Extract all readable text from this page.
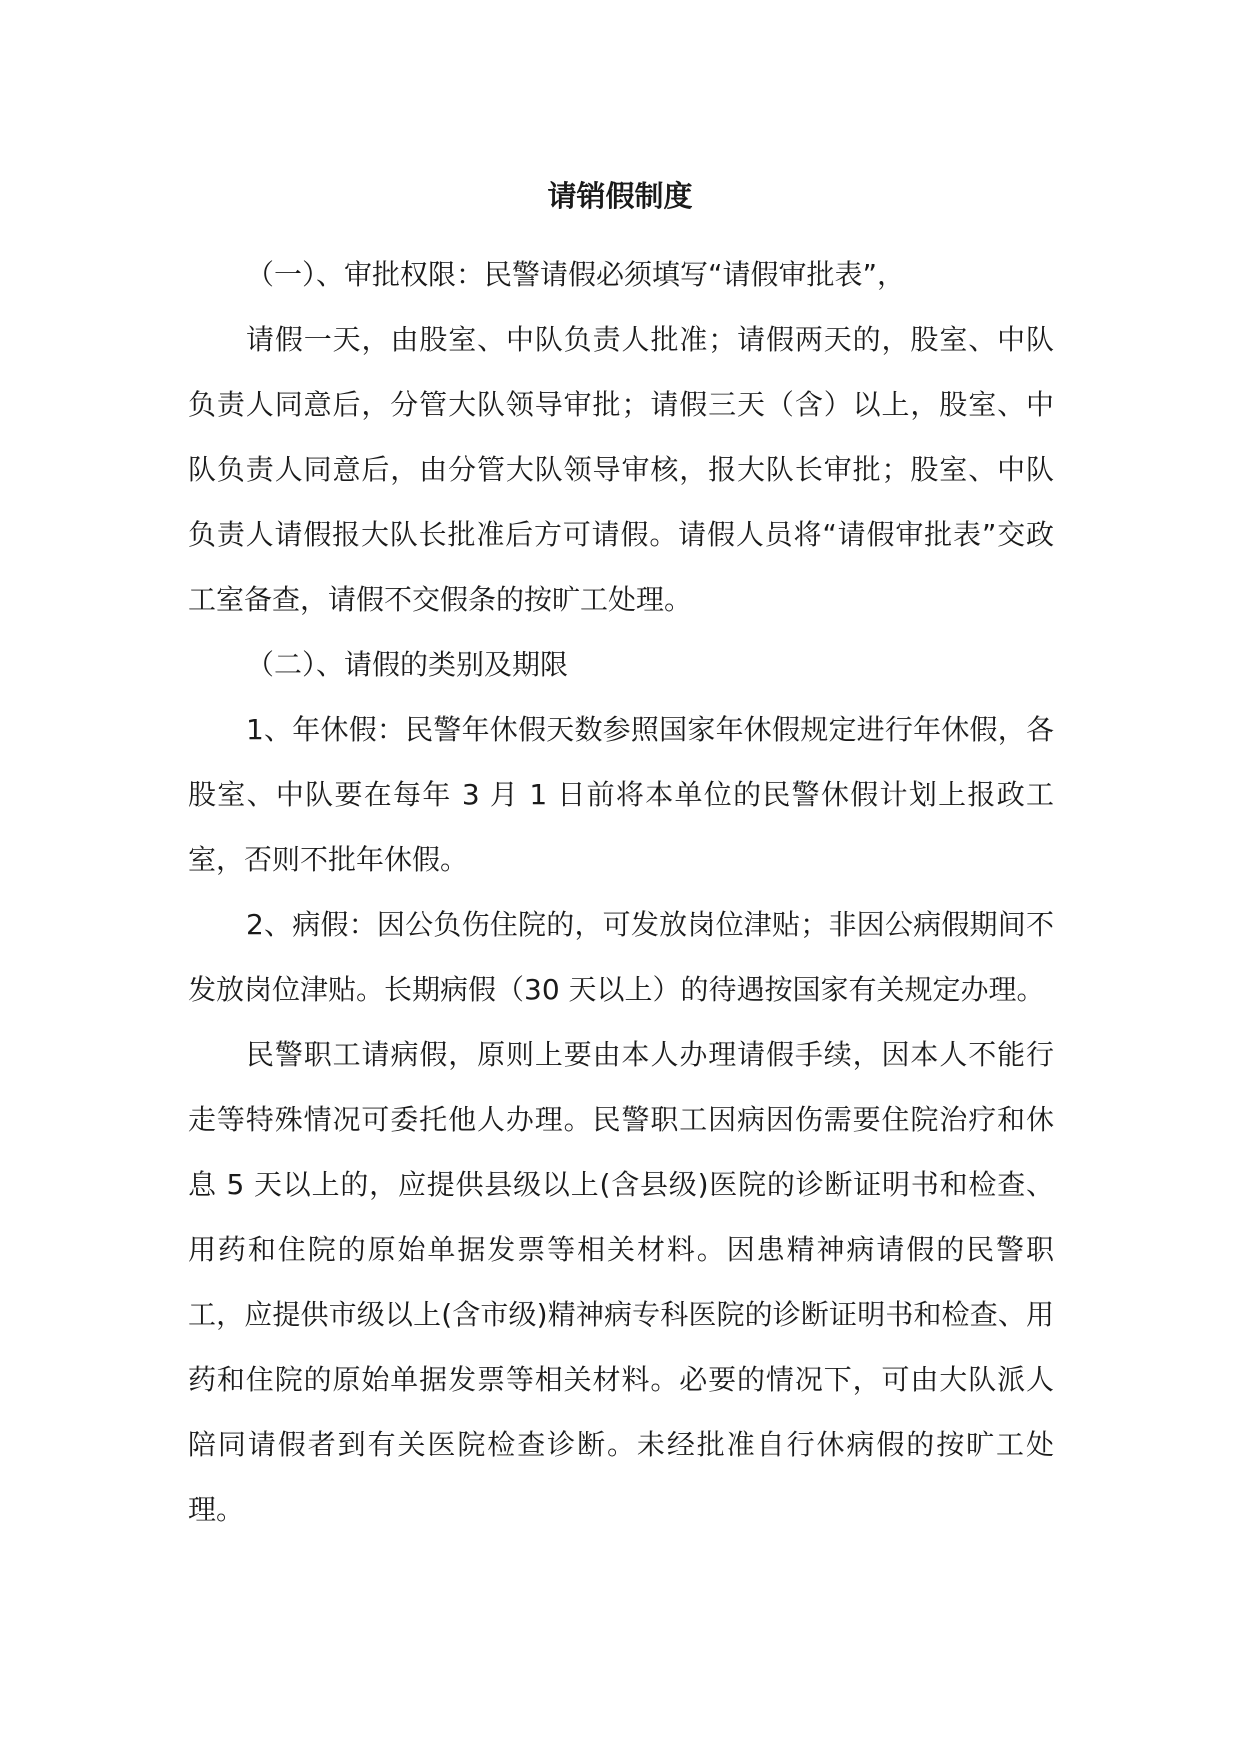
请销假制度

（一）、审批权限：民警请假必须填写“请假审批表”，

请假一天，由股室、中队负责人批准；请假两天的，股室、中队负责人同意后，分管大队领导审批；请假三天（含）以上，股室、中队负责人同意后，由分管大队领导审核，报大队长审批；股室、中队负责人请假报大队长批准后方可请假。请假人员将“请假审批表”交政工室备查，请假不交假条的按旷工处理。

（二）、请假的类别及期限

1、年休假：民警年休假天数参照国家年休假规定进行年休假，各股室、中队要在每年 3 月 1 日前将本单位的民警休假计划上报政工室，否则不批年休假。

2、病假：因公负伤住院的，可发放岗位津贴；非因公病假期间不发放岗位津贴。长期病假（30 天以上）的待遇按国家有关规定办理。

民警职工请病假，原则上要由本人办理请假手续，因本人不能行走等特殊情况可委托他人办理。民警职工因病因伤需要住院治疗和休息 5 天以上的，应提供县级以上(含县级)医院的诊断证明书和检查、用药和住院的原始单据发票等相关材料。因患精神病请假的民警职工，应提供市级以上(含市级)精神病专科医院的诊断证明书和检查、用药和住院的原始单据发票等相关材料。必要的情况下，可由大队派人陪同请假者到有关医院检查诊断。未经批准自行休病假的按旷工处理。
